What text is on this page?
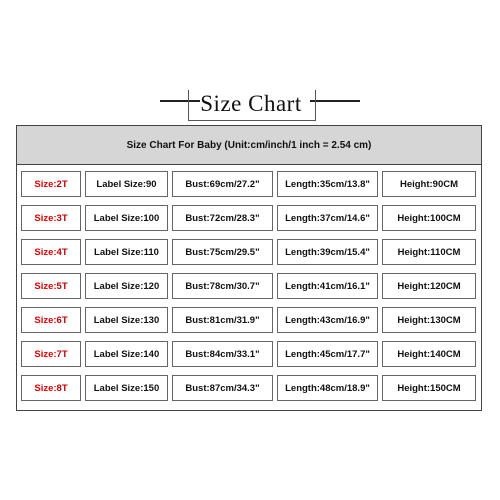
Size Chart
Size Chart For Baby (Unit:cm/inch/1 inch = 2.54 cm)
Size: 2T	Label Size:90	Bust:69cm/27.2"	Length:35cm/13.8"	Height:90CM
Size: 3T	Label Size:100	Bust:72cm/28.3"	Length:37cm/14.6"	Height:100CM
Size: 4T	Label Size:110	Bust:75cm/29.5"	Length:39cm/15.4"	Height:110CM
Size: 5T	Label Size:120	Bust:78cm/30.7"	Length:41cm/16.1"	Height:120CM
Size: 6T	Label Size:130	Bust:81cm/31.9"	Length:43cm/16.9"	Height:130CM
Size: 7T	Label Size:140	Bust:84cm/33.1"	Length:45cm/17.7"	Height:140CM
Size: 8T	Label Size:150	Bust:87cm/34.3"	Length:48cm/18.9"	Height:150CM
